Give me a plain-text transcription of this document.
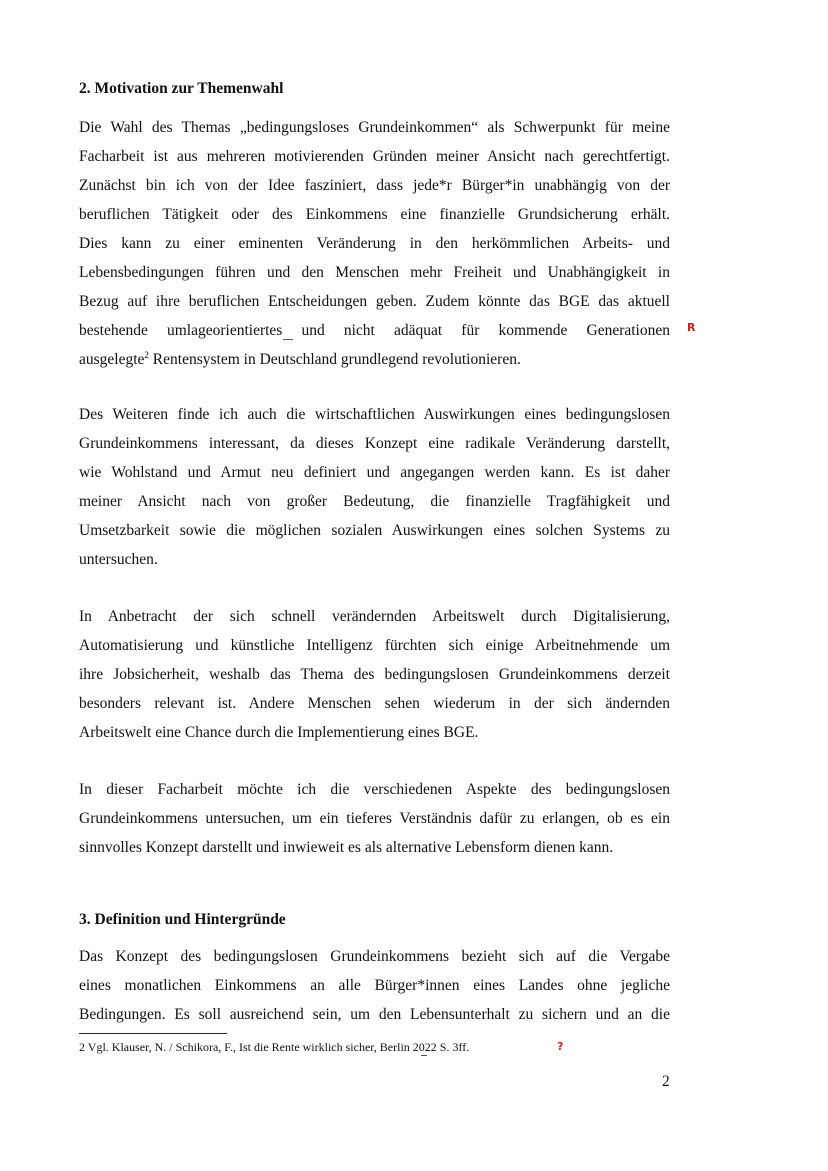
2. Motivation zur Themenwahl
Die Wahl des Themas „bedingungsloses Grundeinkommen“ als Schwerpunkt für meine
Facharbeit ist aus mehreren motivierenden Gründen meiner Ansicht nach gerechtfertigt.
Zunächst bin ich von der Idee fasziniert, dass jede*r Bürger*in unabhängig von der
beruflichen Tätigkeit oder des Einkommens eine finanzielle Grundsicherung erhält.
Dies kann zu einer eminenten Veränderung in den herkömmlichen Arbeits- und
Lebensbedingungen führen und den Menschen mehr Freiheit und Unabhängigkeit in
Bezug auf ihre beruflichen Entscheidungen geben. Zudem könnte das BGE das aktuell
bestehende umlageorientiertes und nicht adäquat für kommende Generationen
ausgelegte$^2$ Rentensystem in Deutschland grundlegend revolutionieren.
Des Weiteren finde ich auch die wirtschaftlichen Auswirkungen eines bedingungslosen
Grundeinkommens interessant, da dieses Konzept eine radikale Veränderung darstellt,
wie Wohlstand und Armut neu definiert und angegangen werden kann. Es ist daher
meiner Ansicht nach von großer Bedeutung, die finanzielle Tragfähigkeit und
Umsetzbarkeit sowie die möglichen sozialen Auswirkungen eines solchen Systems zu
untersuchen.
In Anbetracht der sich schnell verändernden Arbeitswelt durch Digitalisierung,
Automatisierung und künstliche Intelligenz fürchten sich einige Arbeitnehmende um
ihre Jobsicherheit, weshalb das Thema des bedingungslosen Grundeinkommens derzeit
besonders relevant ist. Andere Menschen sehen wiederum in der sich ändernden
Arbeitswelt eine Chance durch die Implementierung eines BGE.
In dieser Facharbeit möchte ich die verschiedenen Aspekte des bedingungslosen
Grundeinkommens untersuchen, um ein tieferes Verständnis dafür zu erlangen, ob es ein
sinnvolles Konzept darstellt und inwieweit es als alternative Lebensform dienen kann.
3. Definition und Hintergründe
Das Konzept des bedingungslosen Grundeinkommens bezieht sich auf die Vergabe
eines monatlichen Einkommens an alle Bürger*innen eines Landes ohne jegliche
Bedingungen. Es soll ausreichend sein, um den Lebensunterhalt zu sichern und an die
R
2 Vgl. Klauser, N. / Schikora, F., Ist die Rente wirklich sicher, Berlin 2022 S. 3ff.	?
2
